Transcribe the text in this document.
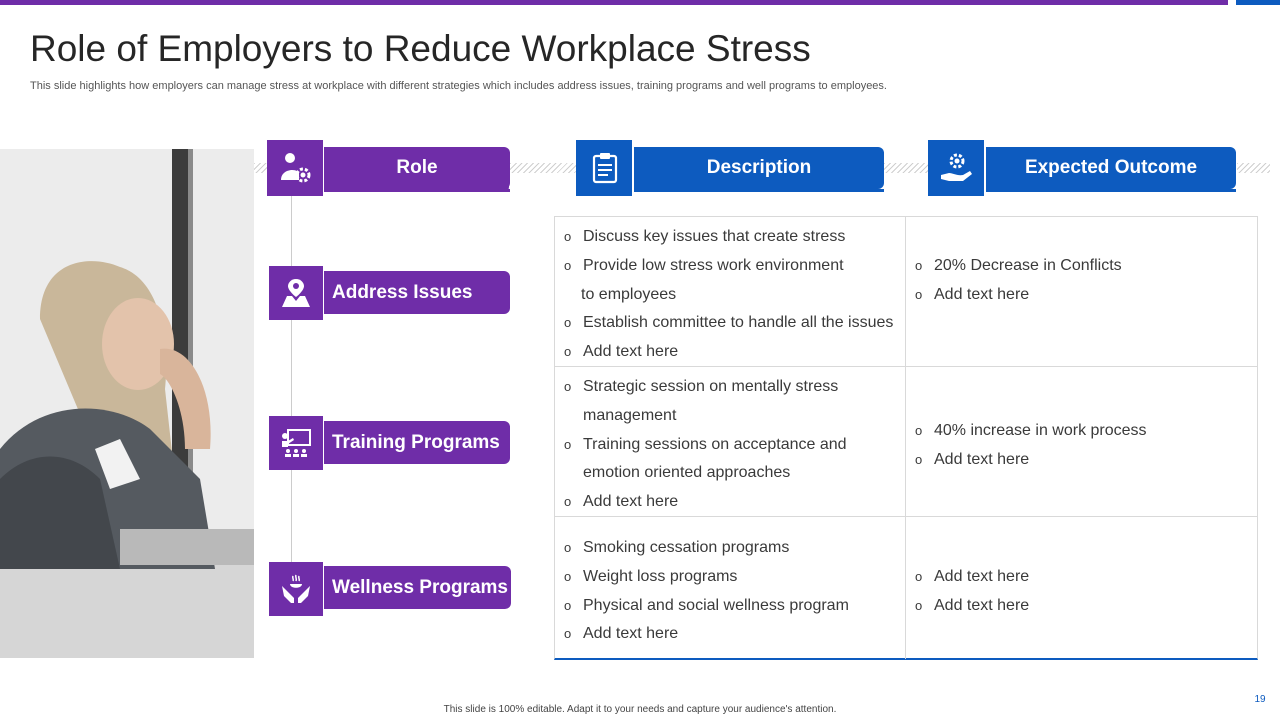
Role of Employers to Reduce Workplace Stress
This slide highlights how employers can manage stress at workplace with different strategies which includes address issues, training programs and well programs to employees.
Role	Description	Expected Outcome
Address Issues
Training Programs
Wellness Programs
o Discuss key issues that create stress
o Provide low stress work environment
to employees
o Establish committee to handle all the issues
o Add text here
o 20% Decrease in Conflicts
o Add text here
o Strategic session on mentally stress
management
o Training sessions on acceptance and
emotion oriented approaches
o Add text here
o 40% increase in work process
o Add text here
o Smoking cessation programs
o Weight loss programs
o Physical and social wellness program
o Add text here
o Add text here
o Add text here
This slide is 100% editable. Adapt it to your needs and capture your audience's attention.
19
